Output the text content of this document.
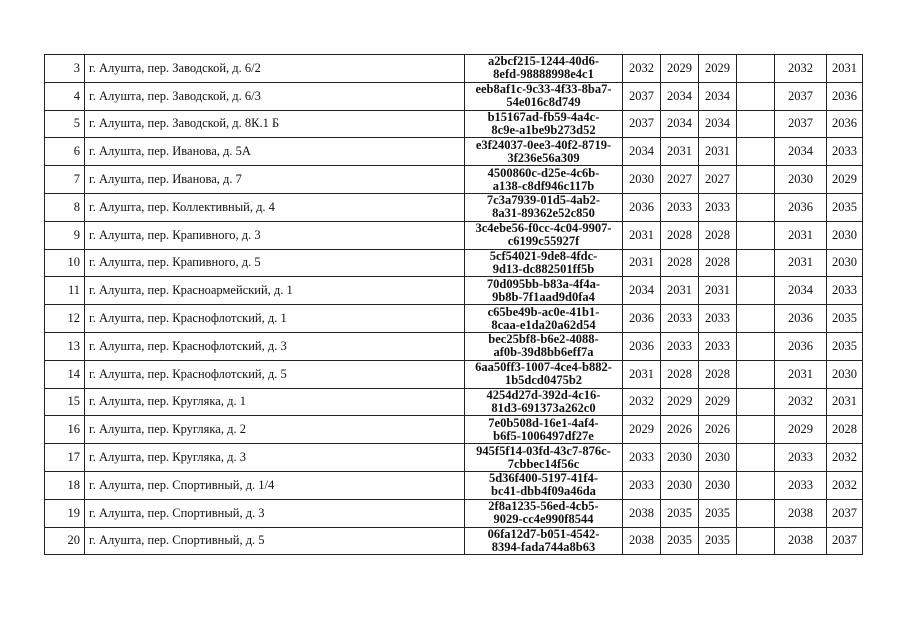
3	г. Алушта, пер. Заводской, д. 6/2	a2bcf215-1244-40d6-
8efd-98888998e4c1	2032	2029	2029		2032	2031
4	г. Алушта, пер. Заводской, д. 6/3	eeb8af1c-9c33-4f33-8ba7-
54e016c8d749	2037	2034	2034		2037	2036
5	г. Алушта, пер. Заводской, д. 8К.1 Б	b15167ad-fb59-4a4c-
8c9e-a1be9b273d52	2037	2034	2034		2037	2036
6	г. Алушта, пер. Иванова, д. 5А	e3f24037-0ee3-40f2-8719-
3f236e56a309	2034	2031	2031		2034	2033
7	г. Алушта, пер. Иванова, д. 7	4500860c-d25e-4c6b-
a138-c8df946c117b	2030	2027	2027		2030	2029
8	г. Алушта, пер. Коллективный, д. 4	7c3a7939-01d5-4ab2-
8a31-89362e52c850	2036	2033	2033		2036	2035
9	г. Алушта, пер. Крапивного, д. 3	3c4ebe56-f0cc-4c04-9907-
c6199c55927f	2031	2028	2028		2031	2030
10	г. Алушта, пер. Крапивного, д. 5	5cf54021-9de8-4fdc-
9d13-dc882501ff5b	2031	2028	2028		2031	2030
11	г. Алушта, пер. Красноармейский, д. 1	70d095bb-b83a-4f4a-
9b8b-7f1aad9d0fa4	2034	2031	2031		2034	2033
12	г. Алушта, пер. Краснофлотский, д. 1	c65be49b-ac0e-41b1-
8caa-e1da20a62d54	2036	2033	2033		2036	2035
13	г. Алушта, пер. Краснофлотский, д. 3	bec25bf8-b6e2-4088-
af0b-39d8bb6eff7a	2036	2033	2033		2036	2035
14	г. Алушта, пер. Краснофлотский, д. 5	6aa50ff3-1007-4ce4-b882-
1b5dcd0475b2	2031	2028	2028		2031	2030
15	г. Алушта, пер. Кругляка, д. 1	4254d27d-392d-4c16-
81d3-691373a262c0	2032	2029	2029		2032	2031
16	г. Алушта, пер. Кругляка, д. 2	7e0b508d-16e1-4af4-
b6f5-1006497df27e	2029	2026	2026		2029	2028
17	г. Алушта, пер. Кругляка, д. 3	945f5f14-03fd-43c7-876c-
7cbbec14f56c	2033	2030	2030		2033	2032
18	г. Алушта, пер. Спортивный, д. 1/4	5d36f400-5197-41f4-
bc41-dbb4f09a46da	2033	2030	2030		2033	2032
19	г. Алушта, пер. Спортивный, д. 3	2f8a1235-56ed-4cb5-
9029-cc4e990f8544	2038	2035	2035		2038	2037
20	г. Алушта, пер. Спортивный, д. 5	06fa12d7-b051-4542-
8394-fada744a8b63	2038	2035	2035		2038	2037
